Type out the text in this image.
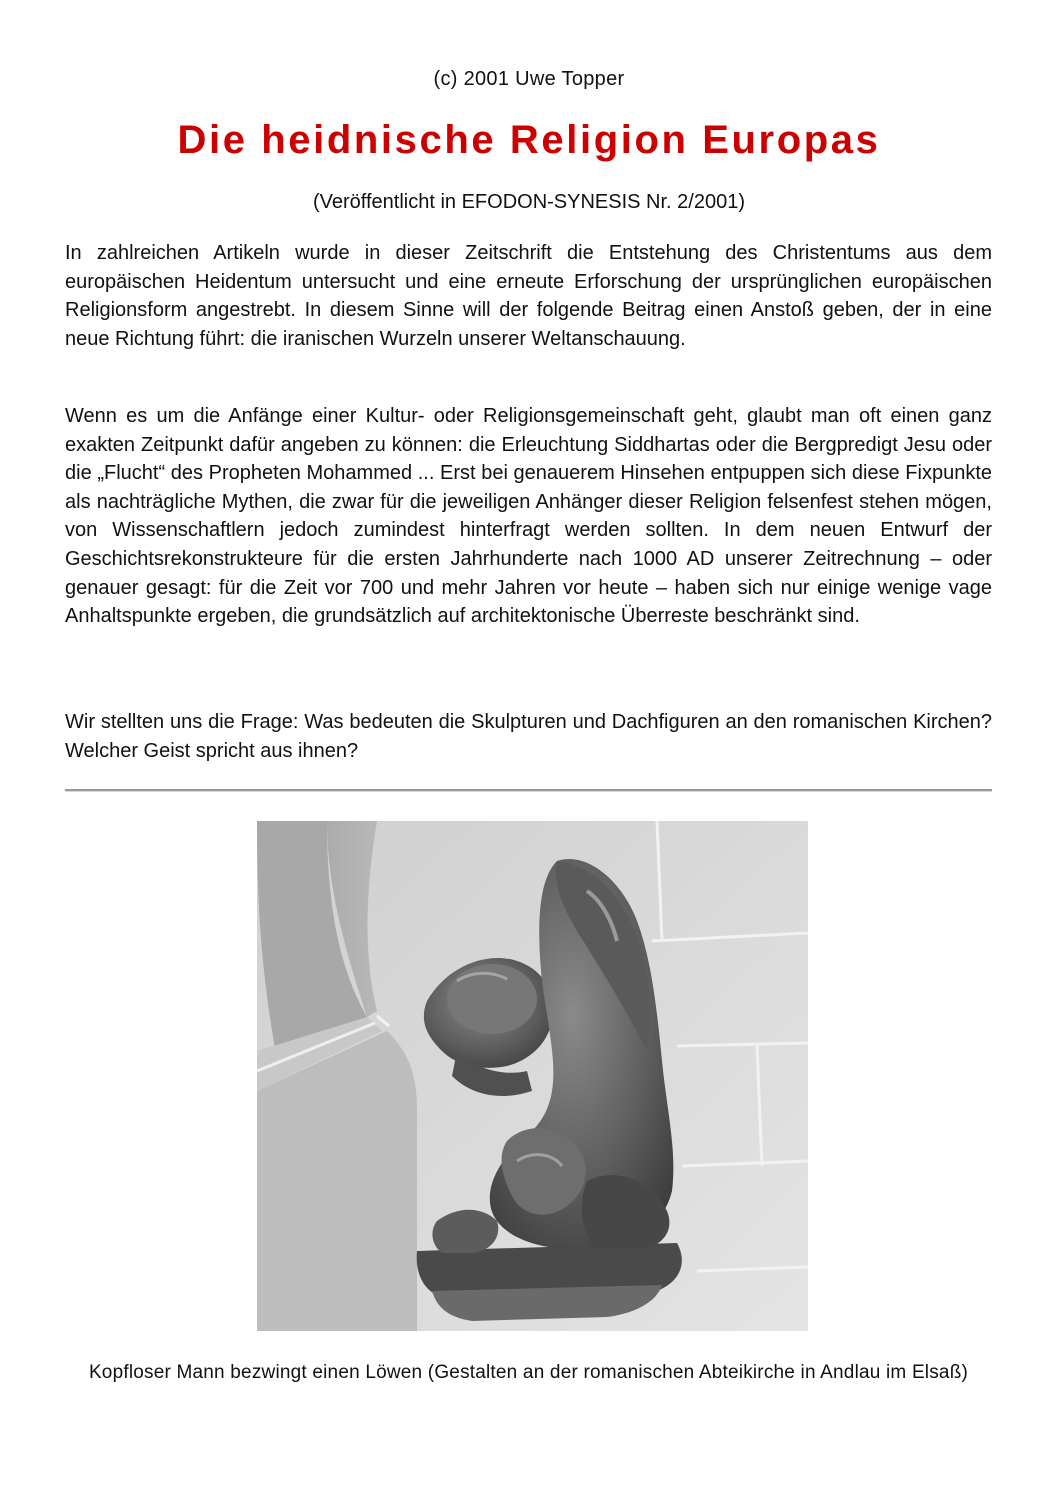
(c) 2001 Uwe Topper
Die heidnische Religion Europas
(Veröffentlicht in EFODON-SYNESIS Nr. 2/2001)

In zahlreichen Artikeln wurde in dieser Zeitschrift die Entstehung des Christentums aus dem europäischen Heidentum untersucht und eine erneute Erforschung der ursprünglichen europäischen Religionsform angestrebt. In diesem Sinne will der folgende Beitrag einen Anstoß geben, der in eine neue Richtung führt: die iranischen Wurzeln unserer Weltanschauung.

Wenn es um die Anfänge einer Kultur- oder Religionsgemeinschaft geht, glaubt man oft einen ganz exakten Zeitpunkt dafür angeben zu können: die Erleuchtung Siddhartas oder die Bergpredigt Jesu oder die „Flucht“ des Propheten Mohammed ... Erst bei genauerem Hinsehen entpuppen sich diese Fixpunkte als nachträgliche Mythen, die zwar für die jeweiligen Anhänger dieser Religion felsenfest stehen mögen, von Wissenschaftlern jedoch zumindest hinterfragt werden sollten. In dem neuen Entwurf der Geschichtsrekonstrukteure für die ersten Jahrhunderte nach 1000 AD unserer Zeitrechnung – oder genauer gesagt: für die Zeit vor 700 und mehr Jahren vor heute – haben sich nur einige wenige vage Anhaltspunkte ergeben, die grundsätzlich auf architektonische Überreste beschränkt sind.

Wir stellten uns die Frage: Was bedeuten die Skulpturen und Dachfiguren an den romanischen Kirchen? Welcher Geist spricht aus ihnen?

Kopfloser Mann bezwingt einen Löwen (Gestalten an der romanischen Abteikirche in Andlau im Elsaß)
